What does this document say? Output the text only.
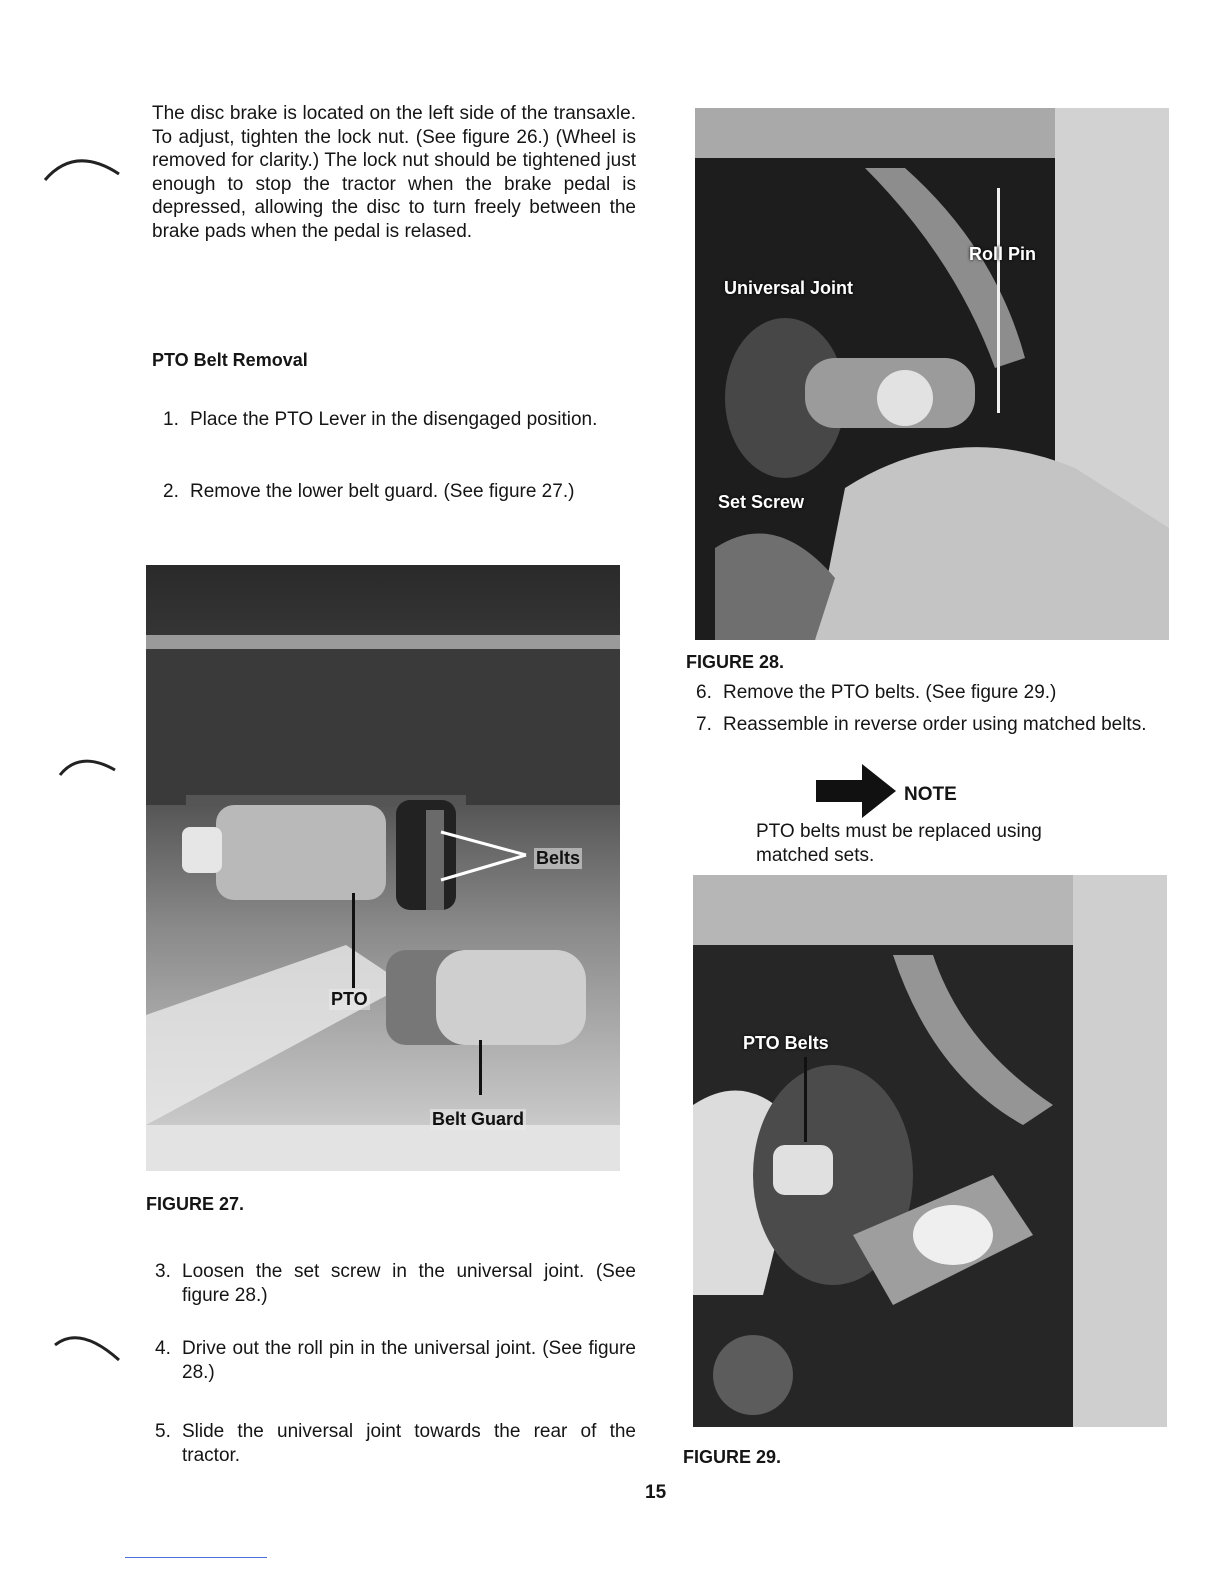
The disc brake is located on the left side of the transaxle. To adjust, tighten the lock nut. (See figure 26.) (Wheel is removed for clarity.) The lock nut should be tightened just enough to stop the tractor when the brake pedal is depressed, allowing the disc to turn freely between the brake pads when the pedal is relased.
PTO Belt Removal
1. Place the PTO Lever in the disengaged position.
2. Remove the lower belt guard. (See figure 27.)
Belts
PTO
Belt Guard
FIGURE 27.
3. Loosen the set screw in the universal joint. (See figure 28.)
4. Drive out the roll pin in the universal joint. (See figure 28.)
5. Slide the universal joint towards the rear of the tractor.
Roll Pin
Universal Joint
Set Screw
FIGURE 28.
6. Remove the PTO belts. (See figure 29.)
7. Reassemble in reverse order using matched belts.
NOTE
PTO belts must be replaced using matched sets.
PTO Belts
FIGURE 29.
15
